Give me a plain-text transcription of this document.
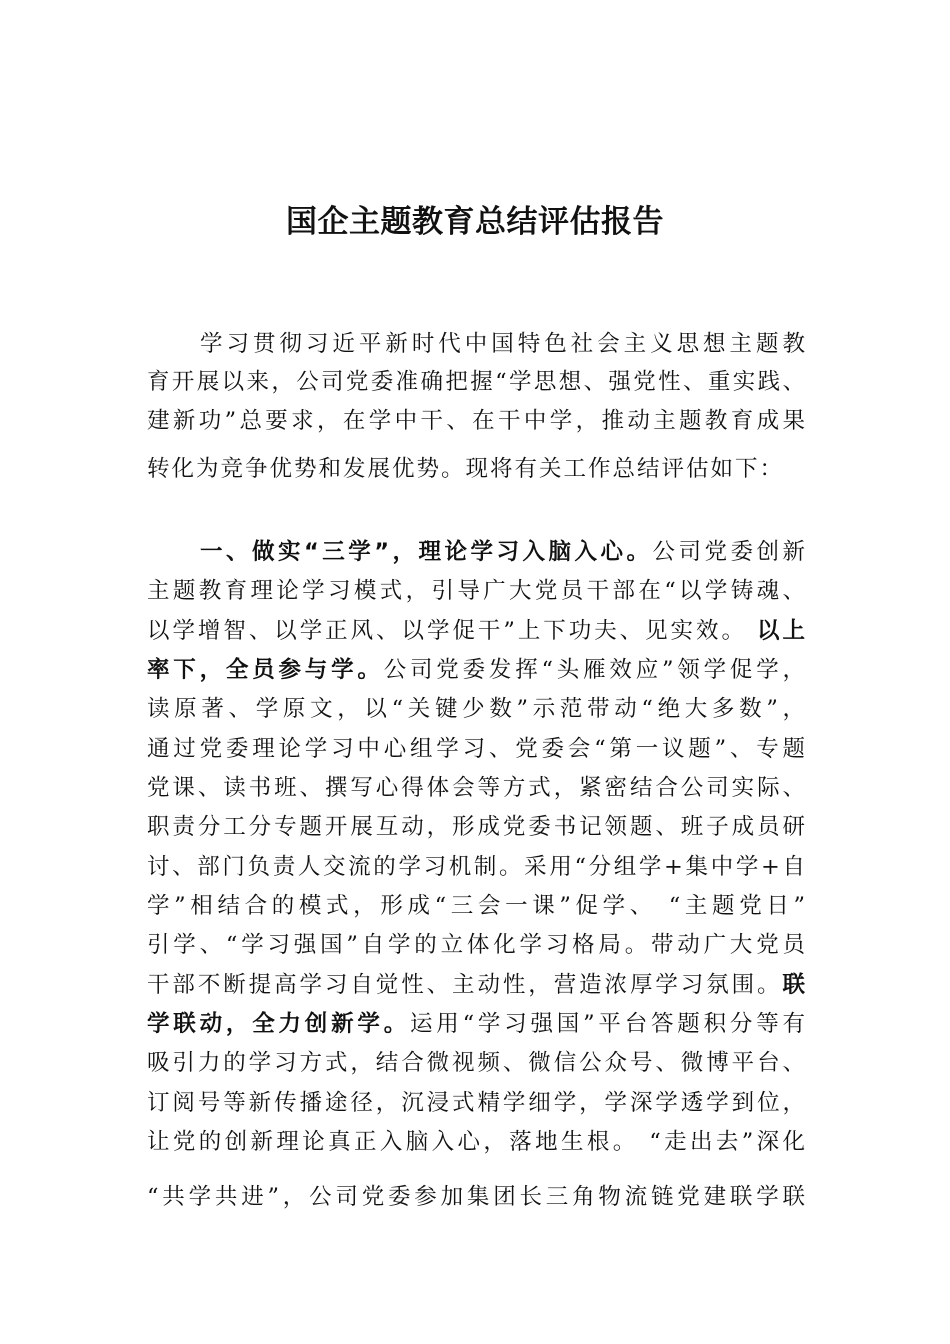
国企主题教育总结评估报告

学习贯彻习近平新时代中国特色社会主义思想主题教

育开展以来，公司党委准确把握“学思想、强党性、重实践、

建新功”总要求，在学中干、在干中学，推动主题教育成果

转化为竞争优势和发展优势。现将有关工作总结评估如下：

一、做实“三学”，理论学习入脑入心。公司党委创新

主题教育理论学习模式，引导广大党员干部在“以学铸魂、

以学增智、以学正风、以学促干”上下功夫、见实效。 以上

率下，全员参与学。公司党委发挥“头雁效应”领学促学，

读原著、学原文，以“关键少数”示范带动“绝大多数”，

通过党委理论学习中心组学习、党委会“第一议题”、专题

党课、读书班、撰写心得体会等方式，紧密结合公司实际、

职责分工分专题开展互动，形成党委书记领题、班子成员研

讨、部门负责人交流的学习机制。采用“分组学+集中学+自

学”相结合的模式，形成“三会一课”促学、 “主题党日”

引学、“学习强国”自学的立体化学习格局。带动广大党员

干部不断提高学习自觉性、主动性，营造浓厚学习氛围。联

学联动，全力创新学。运用“学习强国”平台答题积分等有

吸引力的学习方式，结合微视频、微信公众号、微博平台、

订阅号等新传播途径，沉浸式精学细学，学深学透学到位，

让党的创新理论真正入脑入心，落地生根。 “走出去”深化

“共学共进”，公司党委参加集团长三角物流链党建联学联
